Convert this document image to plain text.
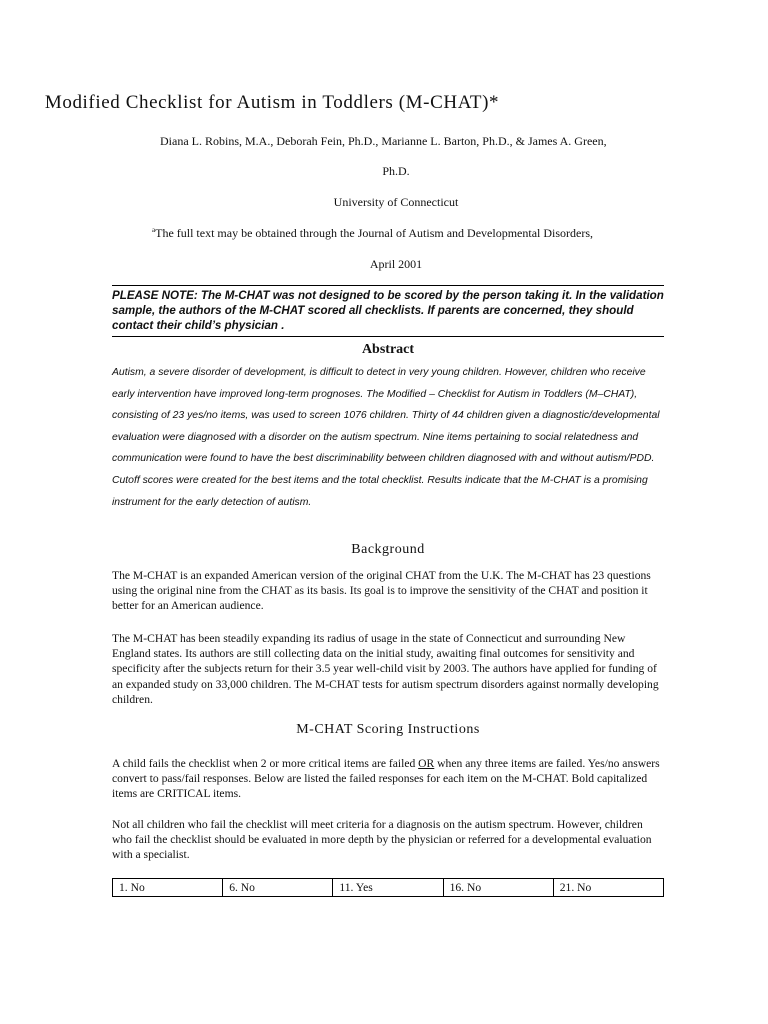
Modified Checklist for Autism in Toddlers (M-CHAT)*
Diana L. Robins, M.A., Deborah Fein, Ph.D., Marianne L. Barton, Ph.D., & James A. Green,
Ph.D.
University of Connecticut
$^a$The full text may be obtained through the Journal of Autism and Developmental Disorders,
April 2001
PLEASE NOTE: The M-CHAT was not designed to be scored by the person taking it. In the validation sample, the authors of the M-CHAT scored all checklists. If parents are concerned, they should contact their child’s physician .
Abstract
Autism, a severe disorder of development, is difficult to detect in very young children. However, children who receive early intervention have improved long-term prognoses. The Modified – Checklist for Autism in Toddlers (M–CHAT), consisting of 23 yes/no items, was used to screen 1076 children. Thirty of 44 children given a diagnostic/developmental evaluation were diagnosed with a disorder on the autism spectrum. Nine items pertaining to social relatedness and communication were found to have the best discriminability between children diagnosed with and without autism/PDD. Cutoff scores were created for the best items and the total checklist. Results indicate that the M-CHAT is a promising instrument for the early detection of autism.
Background

The M-CHAT is an expanded American version of the original CHAT from the U.K. The M-CHAT has 23 questions using the original nine from the CHAT as its basis. Its goal is to improve the sensitivity of the CHAT and position it better for an American audience.

The M-CHAT has been steadily expanding its radius of usage in the state of Connecticut and surrounding New England states. Its authors are still collecting data on the initial study, awaiting final outcomes for sensitivity and specificity after the subjects return for their 3.5 year well-child visit by 2003. The authors have applied for funding of an expanded study on 33,000 children. The M-CHAT tests for autism spectrum disorders against normally developing children.

M-CHAT Scoring Instructions

A child fails the checklist when 2 or more critical items are failed OR when any three items are failed. Yes/no answers convert to pass/fail responses. Below are listed the failed responses for each item on the M-CHAT. Bold capitalized items are CRITICAL items.

Not all children who fail the checklist will meet criteria for a diagnosis on the autism spectrum. However, children who fail the checklist should be evaluated in more depth by the physician or referred for a developmental evaluation with a specialist.

1. No	6. No	11. Yes	16. No	21. No
